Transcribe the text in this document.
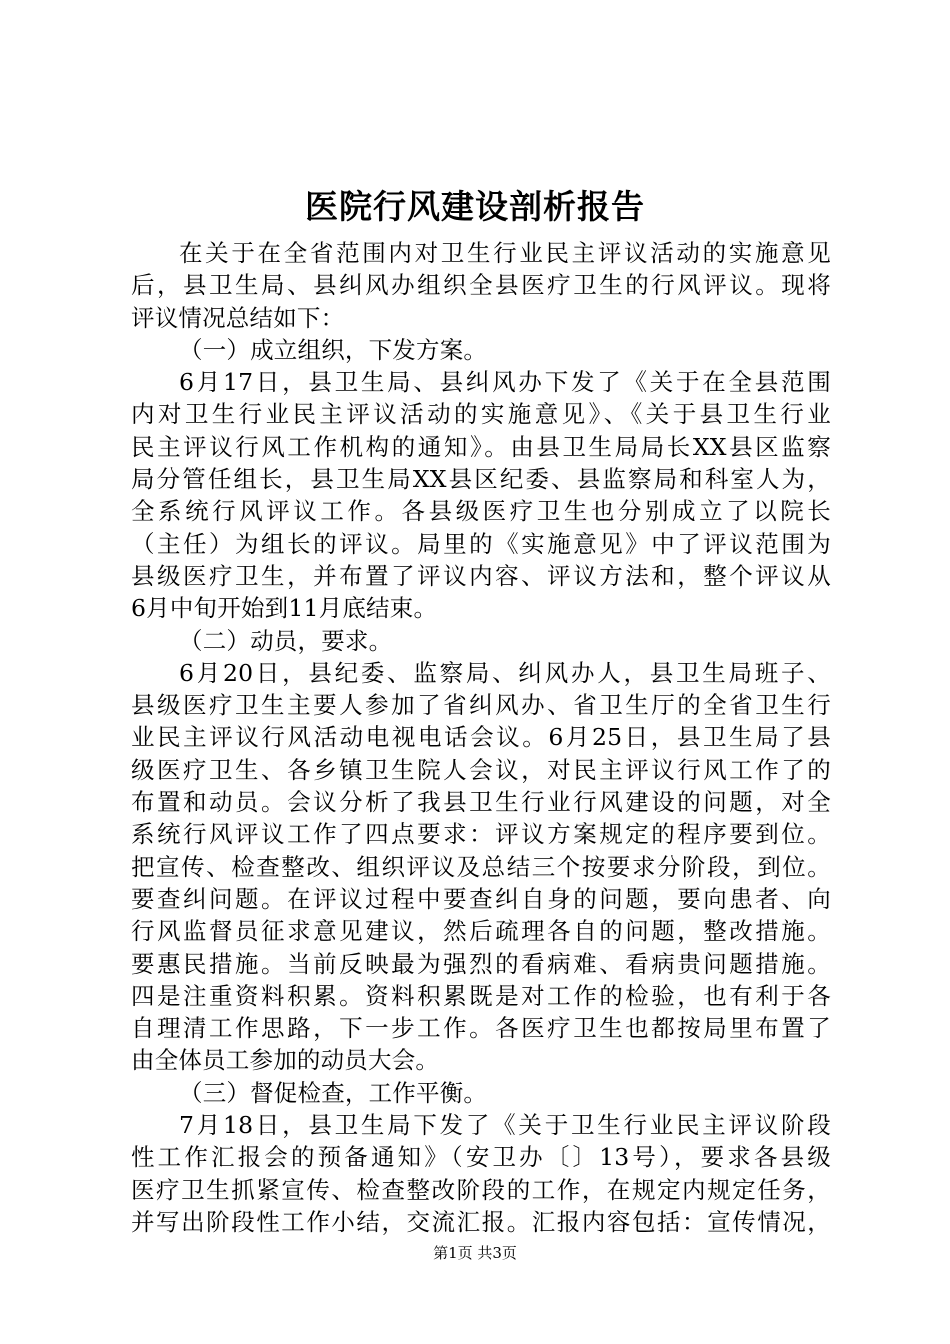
医院行风建设剖析报告
在关于在全省范围内对卫生行业民主评议活动的实施意见
后，县卫生局、县纠风办组织全县医疗卫生的行风评议。现将
评议情况总结如下：
（一）成立组织，下发方案。
6月17日，县卫生局、县纠风办下发了《关于在全县范围
内对卫生行业民主评议活动的实施意见》、《关于县卫生行业
民主评议行风工作机构的通知》。由县卫生局局长XX县区监察
局分管任组长，县卫生局XX县区纪委、县监察局和科室人为，
全系统行风评议工作。各县级医疗卫生也分别成立了以院长
（主任）为组长的评议。局里的《实施意见》中了评议范围为
县级医疗卫生，并布置了评议内容、评议方法和，整个评议从
6月中旬开始到11月底结束。
（二）动员，要求。
6月20日，县纪委、监察局、纠风办人，县卫生局班子、
县级医疗卫生主要人参加了省纠风办、省卫生厅的全省卫生行
业民主评议行风活动电视电话会议。6月25日，县卫生局了县
级医疗卫生、各乡镇卫生院人会议，对民主评议行风工作了的
布置和动员。会议分析了我县卫生行业行风建设的问题，对全
系统行风评议工作了四点要求：评议方案规定的程序要到位。
把宣传、检查整改、组织评议及总结三个按要求分阶段，到位。
要查纠问题。在评议过程中要查纠自身的问题，要向患者、向
行风监督员征求意见建议，然后疏理各自的问题，整改措施。
要惠民措施。当前反映最为强烈的看病难、看病贵问题措施。
四是注重资料积累。资料积累既是对工作的检验，也有利于各
自理清工作思路，下一步工作。各医疗卫生也都按局里布置了
由全体员工参加的动员大会。
（三）督促检查，工作平衡。
7月18日，县卫生局下发了《关于卫生行业民主评议阶段
性工作汇报会的预备通知》（安卫办〔〕13号），要求各县级
医疗卫生抓紧宣传、检查整改阶段的工作，在规定内规定任务，
并写出阶段性工作小结，交流汇报。汇报内容包括：宣传情况，
第1页 共3页
